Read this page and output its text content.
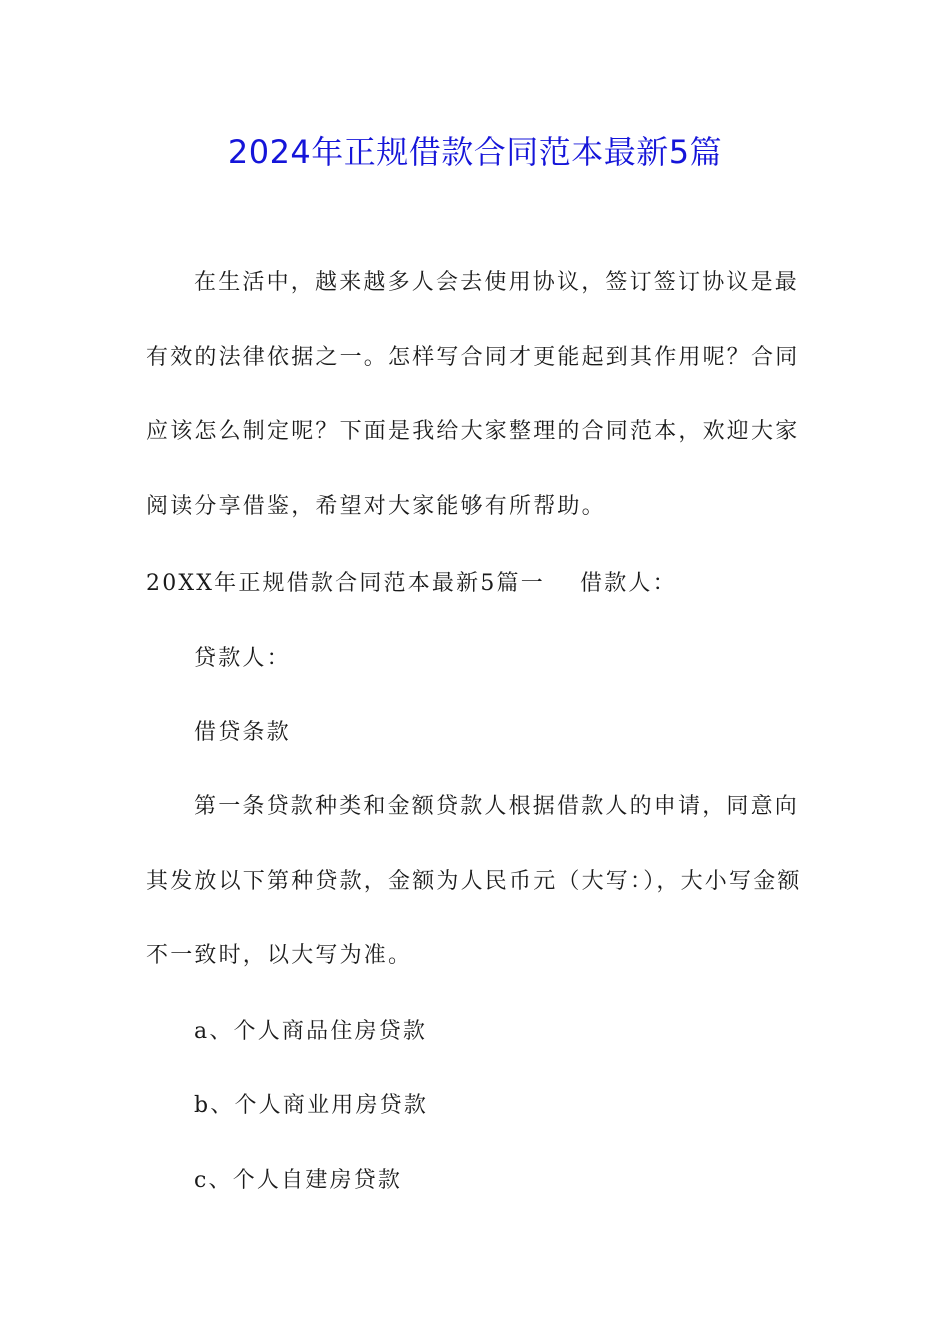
2024年正规借款合同范本最新5篇

在生活中，越来越多人会去使用协议，签订签订协议是最有效的法律依据之一。怎样写合同才更能起到其作用呢？合同应该怎么制定呢？下面是我给大家整理的合同范本，欢迎大家阅读分享借鉴，希望对大家能够有所帮助。

20XX年正规借款合同范本最新5篇一 借款人：
贷款人：
借贷条款

第一条贷款种类和金额贷款人根据借款人的申请，同意向其发放以下第种贷款，金额为人民币元（大写：），大小写金额不一致时，以大写为准。

a、个人商品住房贷款
b、个人商业用房贷款
c、个人自建房贷款
